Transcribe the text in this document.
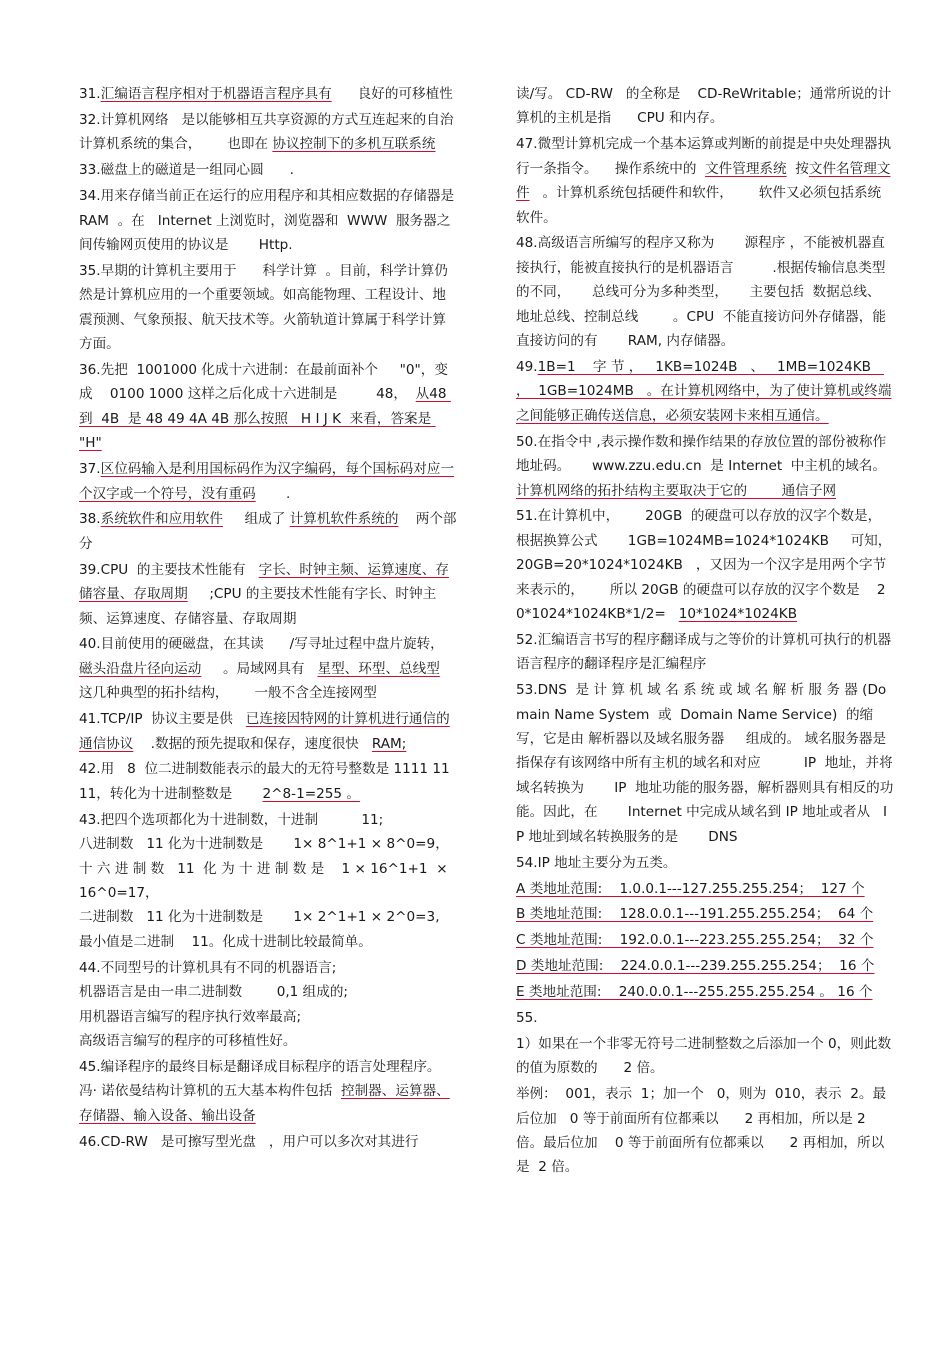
31.汇编语言程序相对于机器语言程序具有      良好的可移植性
32.计算机网络   是以能够相互共享资源的方式互连起来的自治计算机系统的集合，      也即在 协议控制下的多机互联系统
33.磁盘上的磁道是一组同心圆      .
34.用来存储当前正在运行的应用程序和其相应数据的存储器是    RAM  。在   Internet 上浏览时，浏览器和  WWW  服务器之间传输网页使用的协议是       Http.
35.早期的计算机主要用于      科学计算  。目前，科学计算仍然是计算机应用的一个重要领域。如高能物理、工程设计、地震预测、气象预报、航天技术等。火箭轨道计算属于科学计算方面。
36.先把  1001000 化成十六进制：在最前面补个     "0"，变成    0100 1000 这样之后化成十六进制是         48，  从48 到  4B  是 48 49 4A 4B 那么按照   H I J K  来看，答案是 "H"
37.区位码输入是利用国标码作为汉字编码，每个国标码对应一个汉字或一个符号，没有重码       .
38.系统软件和应用软件     组成了 计算机软件系统的    两个部分
39.CPU  的主要技术性能有   字长、时钟主频、运算速度、存储容量、存取周期     ;CPU 的主要技术性能有字长、时钟主频、运算速度、存储容量、存取周期
40.目前使用的硬磁盘，在其读      /写寻址过程中盘片旋转，  磁头沿盘片径向运动     。局域网具有   星型、环型、总线型 这几种典型的拓扑结构，      一般不含全连接网型
41.TCP/IP  协议主要是供   已连接因特网的计算机进行通信的通信协议    .数据的预先提取和保存，速度很快   RAM;
42.用   8  位二进制数能表示的最大的无符号整数是 1111 1111，转化为十进制整数是       2^8-1=255 。
43.把四个选项都化为十进制数，十进制          11;
八进制数   11 化为十进制数是       1× 8^1+1 × 8^0=9，
十 六 进 制 数   11  化 为 十 进 制 数 是    1 × 16^1+1  × 16^0=17，
二进制数   11 化为十进制数是       1× 2^1+1 × 2^0=3,
最小值是二进制    11。化成十进制比较最简单。
44.不同型号的计算机具有不同的机器语言;
机器语言是由一串二进制数        0,1 组成的;
用机器语言编写的程序执行效率最高;
高级语言编写的程序的可移植性好。
45.编译程序的最终目标是翻译成目标程序的语言处理程序。 冯· 诺依曼结构计算机的五大基本构件包括  控制器、运算器、存储器、输入设备、输出设备
46.CD-RW   是可擦写型光盘   ，用户可以多次对其进行
读/写。 CD-RW   的全称是    CD-ReWritable；通常所说的计算机的主机是指      CPU 和内存。
47.微型计算机完成一个基本运算或判断的前提是中央处理器执行一条指令。    操作系统中的  文件管理系统  按文件名管理文件   。计算机系统包括硬件和软件，      软件又必须包括系统软件。
48.高级语言所编写的程序又称为       源程序 ，不能被机器直接执行，能被直接执行的是机器语言         .根据传输信息类型的不同，     总线可分为多种类型，     主要包括  数据总线、地址总线、控制总线        。CPU  不能直接访问外存储器，能直接访问的有       RAM, 内存储器。
49.1B=1    字 节 ，   1KB=1024B   、   1MB=1024KB   ，  1GB=1024MB   。在计算机网络中，为了使计算机或终端之间能够正确传送信息，必须安装网卡来相互通信。
50.在指令中 ,表示操作数和操作结果的存放位置的部份被称作地址码。     www.zzu.edu.cn  是 Internet  中主机的域名。计算机网络的拓扑结构主要取决于它的        通信子网
51.在计算机中，      20GB  的硬盘可以存放的汉字个数是，根据换算公式       1GB=1024MB=1024*1024KB     可知，   20GB=20*1024*1024KB   ，又因为一个汉字是用两个字节来表示的，      所以 20GB 的硬盘可以存放的汉字个数是    20*1024*1024KB*1/2=   10*1024*1024KB
52.汇编语言书写的程序翻译成与之等价的计算机可执行的机器语言程序的翻译程序是汇编程序
53.DNS  是 计 算 机 域 名 系 统 或 域 名 解 析 服 务 器 (Domain Name System  或  Domain Name Service)  的缩写，它是由 解析器以及域名服务器     组成的。 域名服务器是指保存有该网络中所有主机的域名和对应          IP  地址，并将域名转换为       IP  地址功能的服务器，解析器则具有相反的功能。因此，在       Internet 中完成从域名到 IP 地址或者从   IP 地址到域名转换服务的是       DNS
54.IP 地址主要分为五类。
A 类地址范围:    1.0.0.1---127.255.255.254；  127 个
B 类地址范围:    128.0.0.1---191.255.255.254；  64 个
C 类地址范围:    192.0.0.1---223.255.255.254；  32 个
D 类地址范围:    224.0.0.1---239.255.255.254；  16 个
E 类地址范围:    240.0.0.1---255.255.255.254 。 16 个
55.
1）如果在一个非零无符号二进制整数之后添加一个 0，则此数的值为原数的      2 倍。
举例：  001，表示  1；加一个   0，则为  010，表示  2。最后位加   0 等于前面所有位都乘以      2 再相加，所以是 2 倍。最后位加    0 等于前面所有位都乘以      2 再相加，所以是  2 倍。
